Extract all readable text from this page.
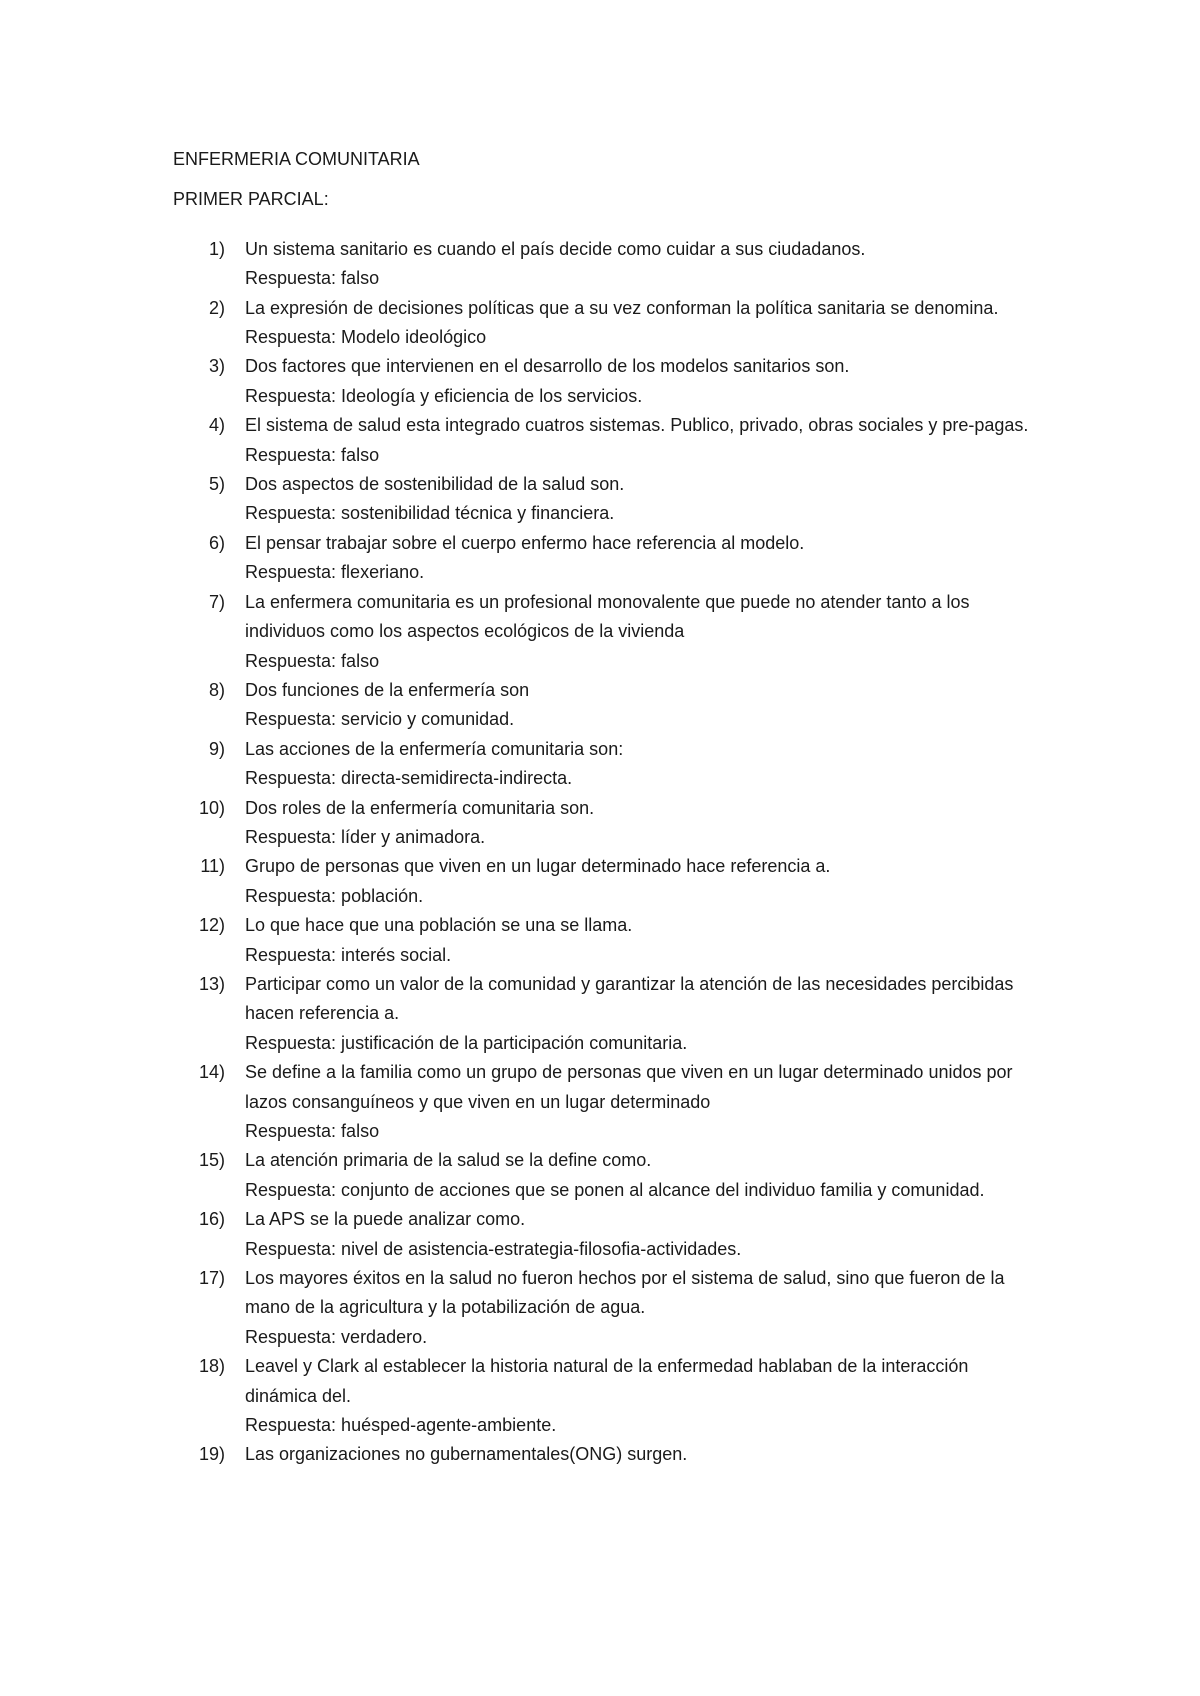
ENFERMERIA COMUNITARIA

PRIMER PARCIAL:

1) Un sistema sanitario es cuando el país decide como cuidar a sus ciudadanos.
Respuesta: falso
2) La expresión de decisiones políticas que a su vez conforman la política sanitaria se denomina.
Respuesta: Modelo ideológico
3) Dos factores que intervienen en el desarrollo de los modelos sanitarios son.
Respuesta: Ideología y eficiencia de los servicios.
4) El sistema de salud esta integrado cuatros sistemas. Publico, privado, obras sociales y pre-pagas.
Respuesta: falso
5) Dos aspectos de sostenibilidad de la salud son.
Respuesta: sostenibilidad técnica y financiera.
6) El pensar trabajar sobre el cuerpo enfermo hace referencia al modelo.
Respuesta: flexeriano.
7) La enfermera comunitaria es un profesional monovalente que puede no atender tanto a los individuos como los aspectos ecológicos de la vivienda
Respuesta: falso
8) Dos funciones de la enfermería son
Respuesta: servicio y comunidad.
9) Las acciones de la enfermería comunitaria son:
Respuesta: directa-semidirecta-indirecta.
10) Dos roles de la enfermería comunitaria son.
Respuesta: líder y animadora.
11) Grupo de personas que viven en un lugar determinado hace referencia a.
Respuesta: población.
12) Lo que hace que una población se una se llama.
Respuesta: interés social.
13) Participar como un valor de la comunidad y garantizar la atención de las necesidades percibidas hacen referencia a.
Respuesta: justificación de la participación comunitaria.
14) Se define a la familia como un grupo de personas que viven en un lugar determinado unidos por lazos consanguíneos y que viven en un lugar determinado
Respuesta: falso
15) La atención primaria de la salud se la define como.
Respuesta: conjunto de acciones que se ponen al alcance del individuo familia y comunidad.
16) La APS se la puede analizar como.
Respuesta: nivel de asistencia-estrategia-filosofia-actividades.
17) Los mayores éxitos en la salud no fueron hechos por el sistema de salud, sino que fueron de la mano de la agricultura y la potabilización de agua.
Respuesta: verdadero.
18) Leavel y Clark al establecer la historia natural de la enfermedad hablaban de la interacción dinámica del.
Respuesta: huésped-agente-ambiente.
19) Las organizaciones no gubernamentales(ONG) surgen.
